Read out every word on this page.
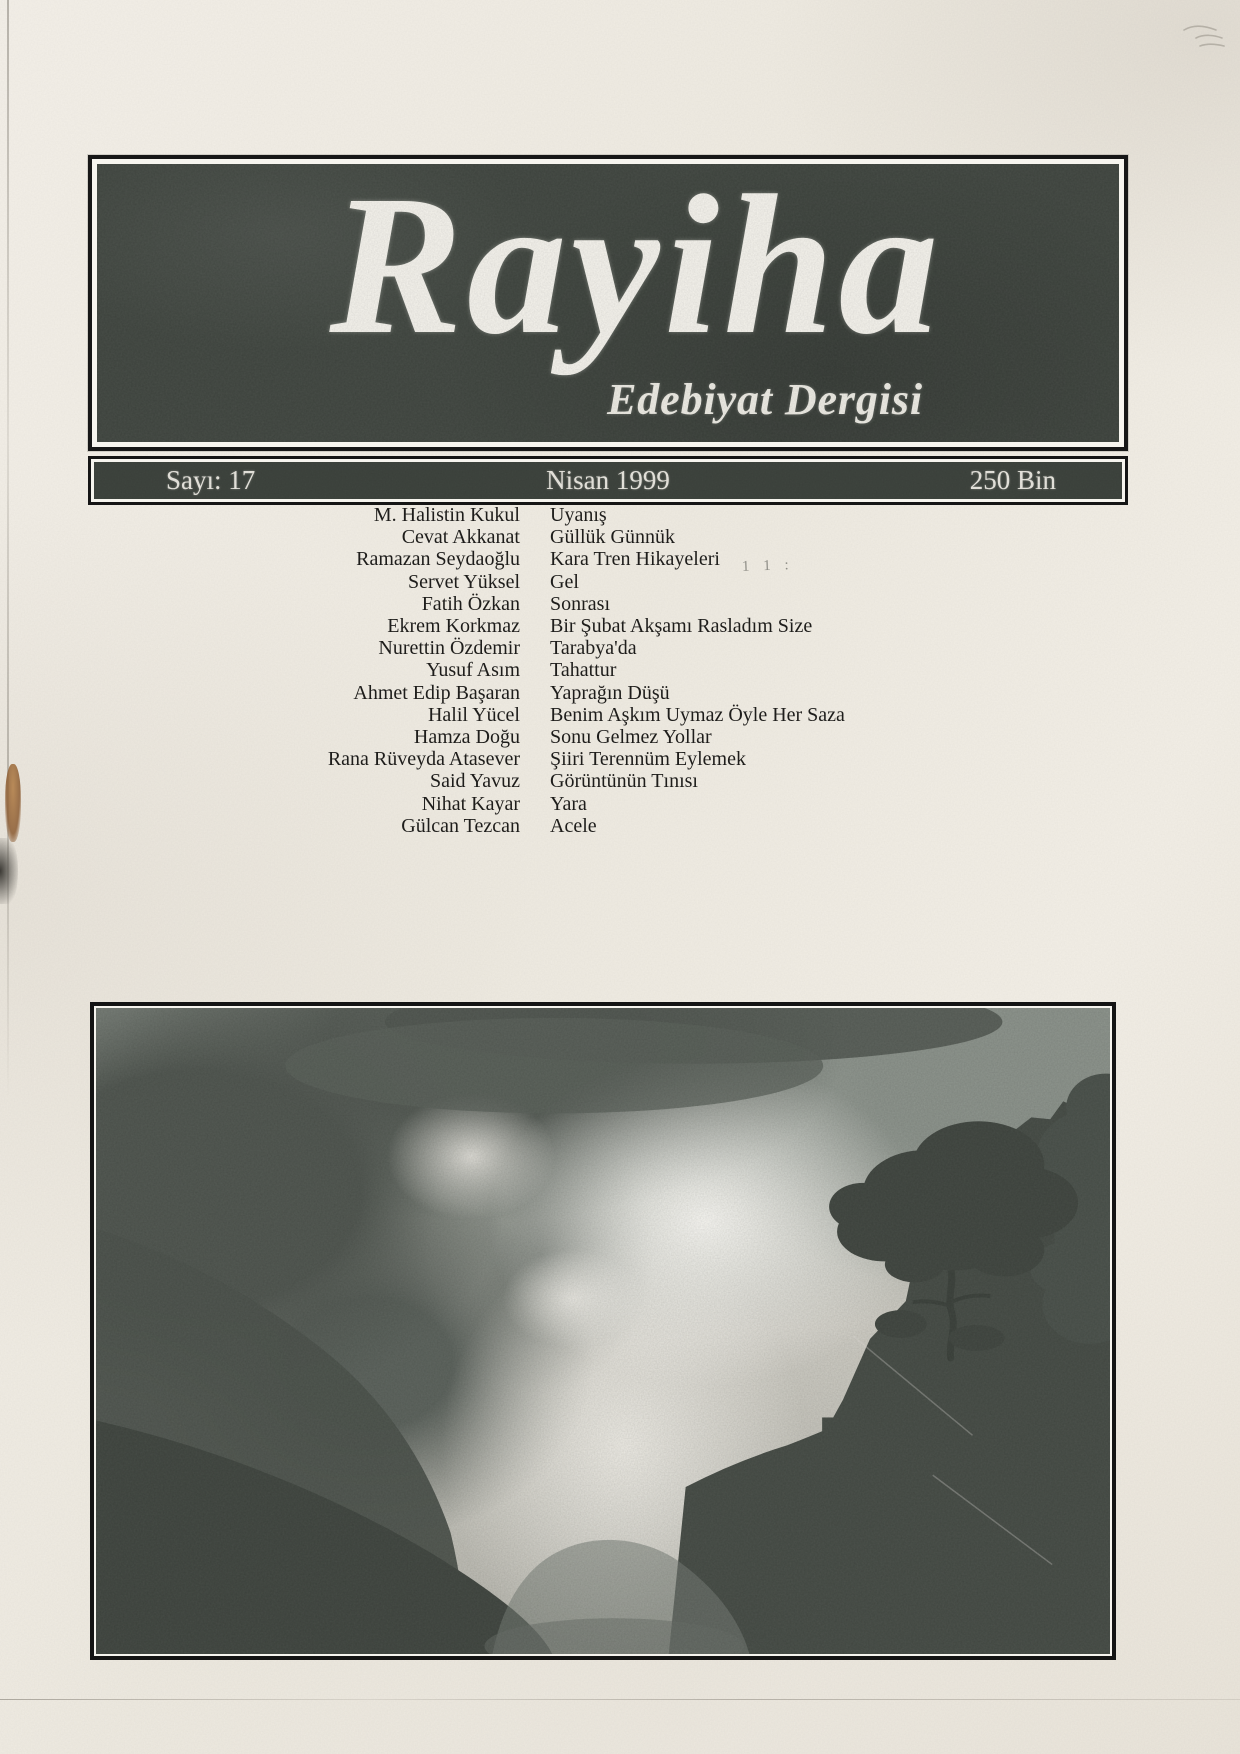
Rayiha
Edebiyat Dergisi
Sayı: 17	Nisan 1999	250 Bin
M. Halistin Kukul Uyanış
Cevat Akkanat Güllük Günnük
Ramazan Seydaoğlu Kara Tren Hikayeleri
Servet Yüksel Gel
Fatih Özkan Sonrası
Ekrem Korkmaz Bir Şubat Akşamı Rasladım Size
Nurettin Özdemir Tarabya'da
Yusuf Asım Tahattur
Ahmet Edip Başaran Yaprağın Düşü
Halil Yücel Benim Aşkım Uymaz Öyle Her Saza
Hamza Doğu Sonu Gelmez Yollar
Rana Rüveyda Atasever Şiiri Terennüm Eylemek
Said Yavuz Görüntünün Tınısı
Nihat Kayar Yara
Gülcan Tezcan Acele
1 1 :
